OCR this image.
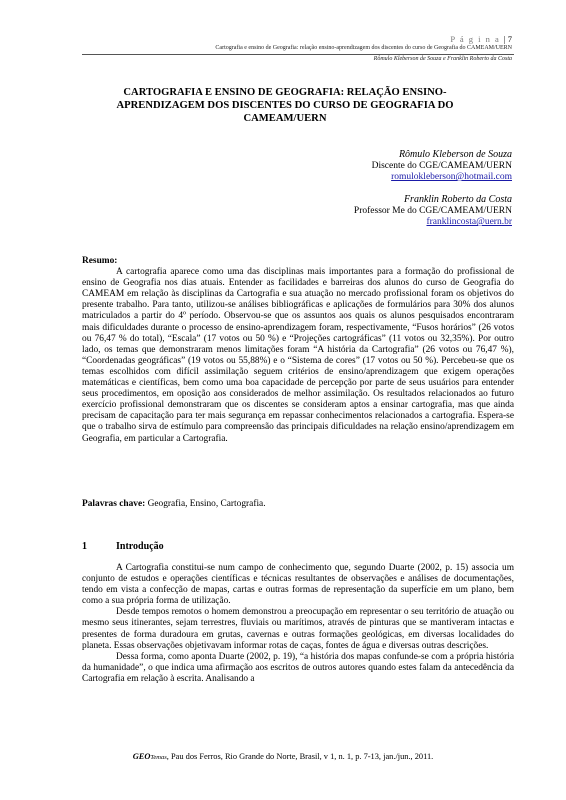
P á g i n a | 7
Cartografia e ensino de Geografia: relação ensino-aprendizagem dos discentes do curso de Geografia do CAMEAM/UERN
Rômulo Kleberson de Souza e Franklin Roberto da Costa
CARTOGRAFIA E ENSINO DE GEOGRAFIA: RELAÇÃO ENSINO-APRENDIZAGEM DOS DISCENTES DO CURSO DE GEOGRAFIA DO CAMEAM/UERN
Rômulo Kleberson de Souza
Discente do CGE/CAMEAM/UERN
romulokleberson@hotmail.com
Franklin Roberto da Costa
Professor Me do CGE/CAMEAM/UERN
franklincosta@uern.br

Resumo:

A cartografia aparece como uma das disciplinas mais importantes para a formação do profissional de ensino de Geografia nos dias atuais. Entender as facilidades e barreiras dos alunos do curso de Geografia do CAMEAM em relação às disciplinas da Cartografia e sua atuação no mercado profissional foram os objetivos do presente trabalho. Para tanto, utilizou-se análises bibliográficas e aplicações de formulários para 30% dos alunos matriculados a partir do 4º período. Observou-se que os assuntos aos quais os alunos pesquisados encontraram mais dificuldades durante o processo de ensino-aprendizagem foram, respectivamente, “Fusos horários” (26 votos ou 76,47 % do total), “Escala” (17 votos ou 50 %) e “Projeções cartográficas” (11 votos ou 32,35%). Por outro lado, os temas que demonstraram menos limitações foram “A história da Cartografia” (26 votos ou 76,47 %), “Coordenadas geográficas” (19 votos ou 55,88%) e o “Sistema de cores” (17 votos ou 50 %). Percebeu-se que os temas escolhidos com difícil assimilação seguem critérios de ensino/aprendizagem que exigem operações matemáticas e científicas, bem como uma boa capacidade de percepção por parte de seus usuários para entender seus procedimentos, em oposição aos considerados de melhor assimilação. Os resultados relacionados ao futuro exercício profissional demonstraram que os discentes se consideram aptos a ensinar cartografia, mas que ainda precisam de capacitação para ter mais segurança em repassar conhecimentos relacionados a cartografia. Espera-se que o trabalho sirva de estímulo para compreensão das principais dificuldades na relação ensino/aprendizagem em Geografia, em particular a Cartografia.

Palavras chave: Geografia, Ensino, Cartografia.
1	Introdução

A Cartografia constitui-se num campo de conhecimento que, segundo Duarte (2002, p. 15) associa um conjunto de estudos e operações científicas e técnicas resultantes de observações e análises de documentações, tendo em vista a confecção de mapas, cartas e outras formas de representação da superfície em um plano, bem como a sua própria forma de utilização.

Desde tempos remotos o homem demonstrou a preocupação em representar o seu território de atuação ou mesmo seus itinerantes, sejam terrestres, fluviais ou marítimos, através de pinturas que se mantiveram intactas e presentes de forma duradoura em grutas, cavernas e outras formações geológicas, em diversas localidades do planeta. Essas observações objetivavam informar rotas de caças, fontes de água e diversas outras descrições.

Dessa forma, como aponta Duarte (2002, p. 19), “a história dos mapas confunde-se com a própria história da humanidade”, o que indica uma afirmação aos escritos de outros autores quando estes falam da antecedência da Cartografia em relação à escrita. Analisando a

GEOTemas, Pau dos Ferros, Rio Grande do Norte, Brasil, v 1, n. 1, p. 7-13, jan./jun., 2011.
